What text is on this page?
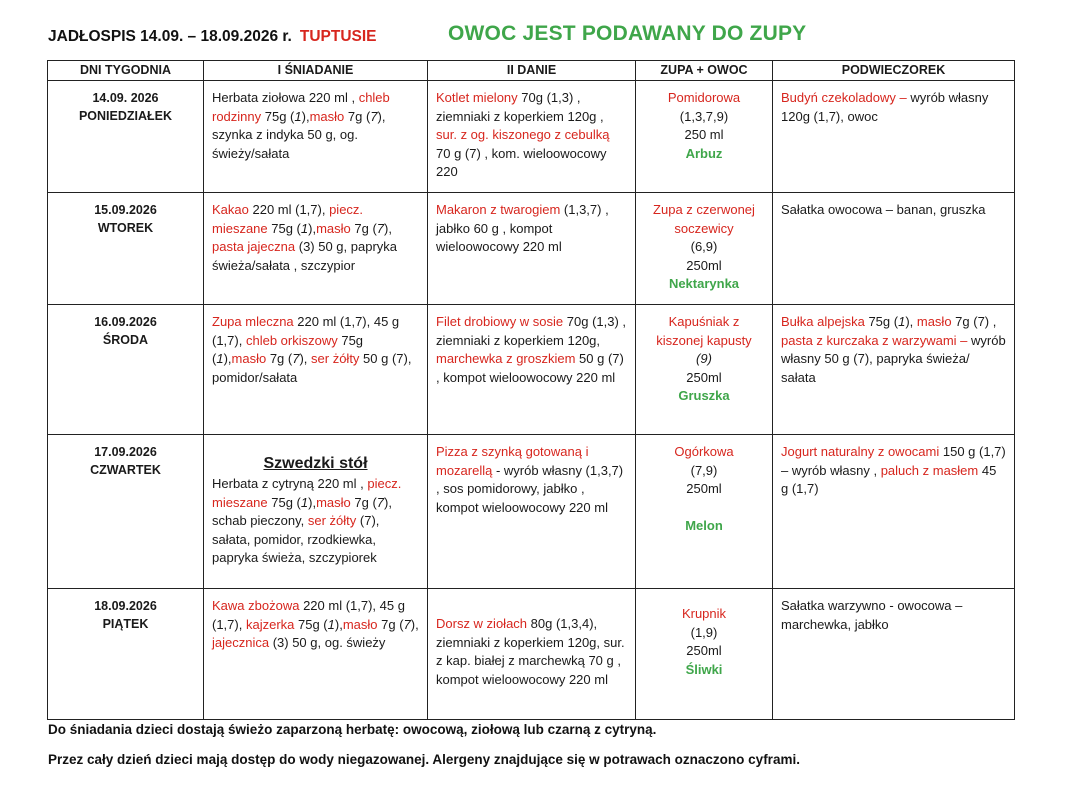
JADŁOSPIS 14.09. – 18.09.2026 r. TUPTUSIE	OWOC JEST PODAWANY DO ZUPY
DNI TYGODNIA	I ŚNIADANIE	II DANIE	ZUPA + OWOC	PODWIECZOREK

14.09. 2026
PONIEDZIAŁEK	Herbata ziołowa 220 ml , chleb rodzinny 75g (1),masło 7g (7), szynka z indyka 50 g, og. świeży/sałata	Kotlet mielony 70g (1,3) , ziemniaki z koperkiem 120g , sur. z og. kiszonego z cebulką 70 g (7) , kom. wieloowocowy 220	Pomidorowa
(1,3,7,9)
250 ml
Arbuz	Budyń czekoladowy – wyrób własny 120g (1,7), owoc

15.09.2026
WTOREK	Kakao 220 ml (1,7), piecz. mieszane 75g (1),masło 7g (7), pasta jajeczna (3) 50 g, papryka świeża/sałata , szczypior	Makaron z twarogiem (1,3,7) , jabłko 60 g , kompot wieloowocowy 220 ml	Zupa z czerwonej soczewicy
(6,9)
250ml
Nektarynka	Sałatka owocowa – banan, gruszka

16.09.2026
ŚRODA	Zupa mleczna 220 ml (1,7), 45 g (1,7), chleb orkiszowy 75g (1),masło 7g (7), ser żółty 50 g (7), pomidor/sałata	Filet drobiowy w sosie 70g (1,3) , ziemniaki z koperkiem 120g, marchewka z groszkiem 50 g (7) , kompot wieloowocowy 220 ml	Kapuśniak z kiszonej kapusty
(9)
250ml
Gruszka	Bułka alpejska 75g (1), masło 7g (7) , pasta z kurczaka z warzywami – wyrób własny 50 g (7), papryka świeża/ sałata

17.09.2026
CZWARTEK	Szwedzki stół
Herbata z cytryną 220 ml , piecz. mieszane 75g (1),masło 7g (7), schab pieczony, ser żółty (7), sałata, pomidor, rzodkiewka, papryka świeża, szczypiorek	Pizza z szynką gotowaną i mozarellą - wyrób własny (1,3,7) , sos pomidorowy, jabłko , kompot wieloowocowy 220 ml	Ogórkowa
(7,9)
250ml
Melon	Jogurt naturalny z owocami 150 g (1,7) – wyrób własny , paluch z masłem 45 g (1,7)

18.09.2026
PIĄTEK	Kawa zbożowa 220 ml (1,7), 45 g (1,7), kajzerka 75g (1),masło 7g (7), jajecznica (3) 50 g, og. świeży	Dorsz w ziołach 80g (1,3,4), ziemniaki z koperkiem 120g, sur. z kap. białej z marchewką 70 g , kompot wieloowocowy 220 ml	Krupnik
(1,9)
250ml
Śliwki	Sałatka warzywno - owocowa – marchewka, jabłko
Do śniadania dzieci dostają świeżo zaparzoną herbatę: owocową, ziołową lub czarną z cytryną.
Przez cały dzień dzieci mają dostęp do wody niegazowanej. Alergeny znajdujące się w potrawach oznaczono cyframi.
